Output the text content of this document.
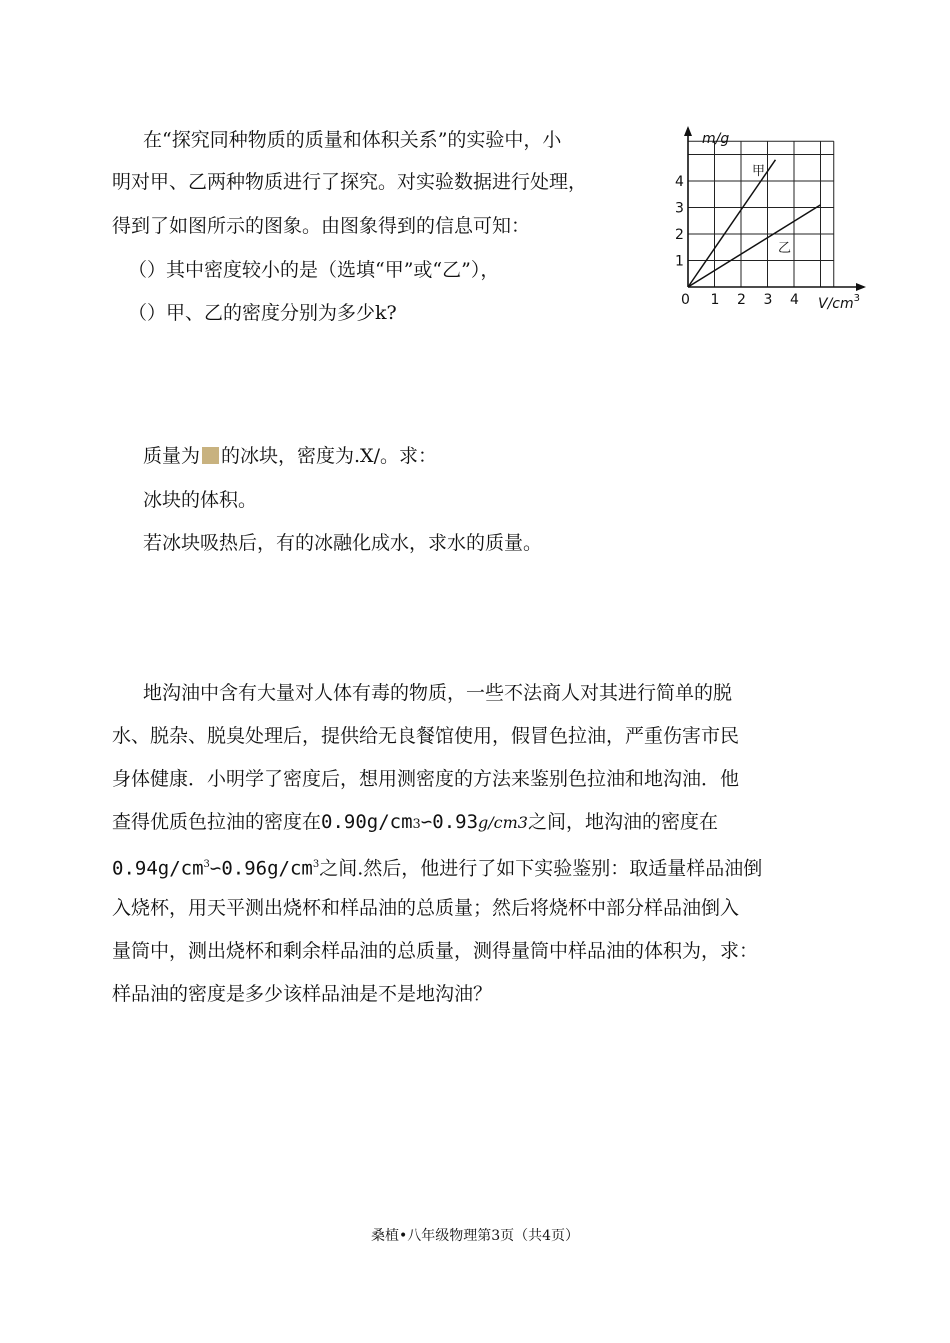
在“探究同种物质的质量和体积关系”的实验中，小
明对甲、乙两种物质进行了探究。对实验数据进行处理，
得到了如图所示的图象。由图象得到的信息可知：
（）其中密度较小的是（选填“甲”或“乙”），
（）甲、乙的密度分别为多少k?
1 2 3 4
1
2
3
4
m/g
$V/cm^3$
0
甲
乙
质量为 的冰块，密度为.X/。求：
冰块的体积。
若冰块吸热后，有的冰融化成水，求水的质量。
地沟油中含有大量对人体有毒的物质，一些不法商人对其进行简单的脱
水、脱杂、脱臭处理后，提供给无良餐馆使用，假冒色拉油，严重伤害市民
身体健康．小明学了密度后，想用测密度的方法来鉴别色拉油和地沟油．他
查得优质色拉油的密度在0.90g/cm3∽0.93g/cm3之间，地沟油的密度在
$0.94g/cm^3∽0.96g/cm^3$之间.然后，他进行了如下实验鉴别：取适量样品油倒
入烧杯，用天平测出烧杯和样品油的总质量；然后将烧杯中部分样品油倒入
量筒中，测出烧杯和剩余样品油的总质量，测得量筒中样品油的体积为，求：
样品油的密度是多少该样品油是不是地沟油？
桑植•八年级物理第3页（共4页）
